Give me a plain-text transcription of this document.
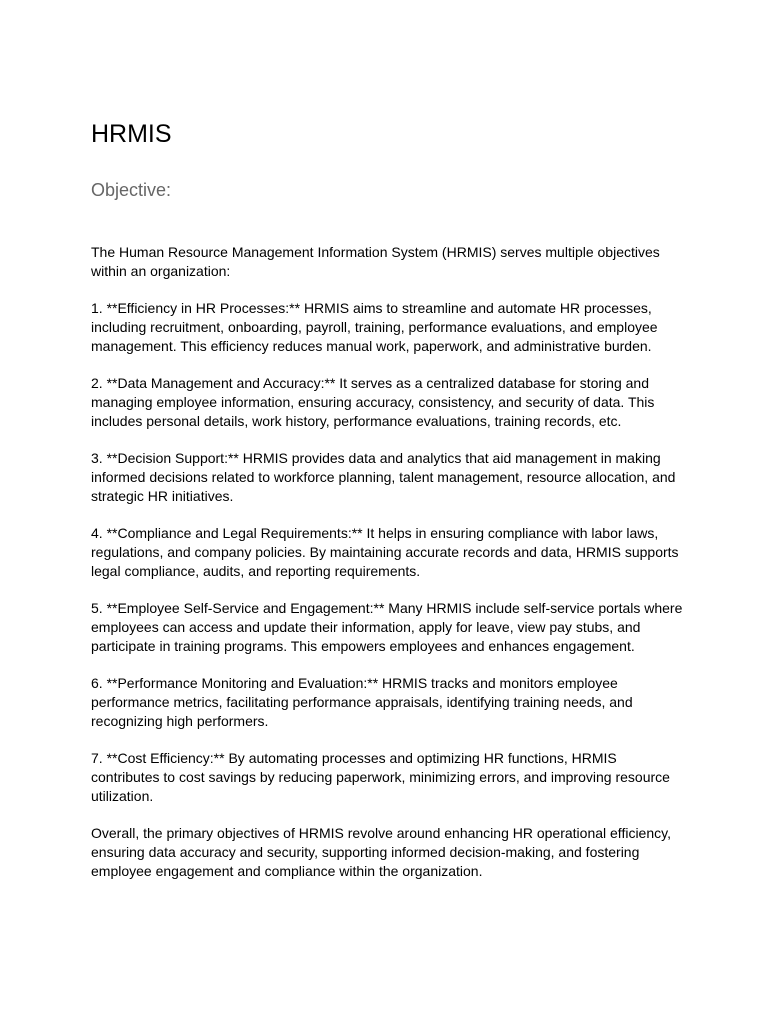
HRMIS
Objective:

The Human Resource Management Information System (HRMIS) serves multiple objectives
within an organization:

1. **Efficiency in HR Processes:** HRMIS aims to streamline and automate HR processes,
including recruitment, onboarding, payroll, training, performance evaluations, and employee
management. This efficiency reduces manual work, paperwork, and administrative burden.

2. **Data Management and Accuracy:** It serves as a centralized database for storing and
managing employee information, ensuring accuracy, consistency, and security of data. This
includes personal details, work history, performance evaluations, training records, etc.

3. **Decision Support:** HRMIS provides data and analytics that aid management in making
informed decisions related to workforce planning, talent management, resource allocation, and
strategic HR initiatives.

4. **Compliance and Legal Requirements:** It helps in ensuring compliance with labor laws,
regulations, and company policies. By maintaining accurate records and data, HRMIS supports
legal compliance, audits, and reporting requirements.

5. **Employee Self-Service and Engagement:** Many HRMIS include self-service portals where
employees can access and update their information, apply for leave, view pay stubs, and
participate in training programs. This empowers employees and enhances engagement.

6. **Performance Monitoring and Evaluation:** HRMIS tracks and monitors employee
performance metrics, facilitating performance appraisals, identifying training needs, and
recognizing high performers.

7. **Cost Efficiency:** By automating processes and optimizing HR functions, HRMIS
contributes to cost savings by reducing paperwork, minimizing errors, and improving resource
utilization.

Overall, the primary objectives of HRMIS revolve around enhancing HR operational efficiency,
ensuring data accuracy and security, supporting informed decision-making, and fostering
employee engagement and compliance within the organization.
